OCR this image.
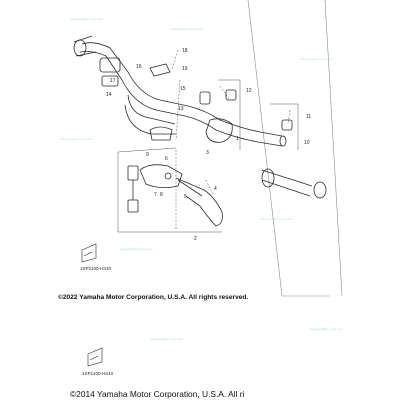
www.yamaha-motor.com
www.yamaha-motor.com
www.yamaha-motor.com
www.yamaha-motor.com
www.yamaha-motor.com
www.yamaha-motor.com
www.yamaha-motor.com
www.yamaha-motor.com
1
2
3
4
5
6
7 8
9
10
11
12
13
14
15
16
17
18
19
1SP1100-H410
1SP1100-H410
©2022 Yamaha Motor Corporation, U.S.A. All rights reserved.
©2014 Yamaha Motor Corporation, U.S.A. All ri
